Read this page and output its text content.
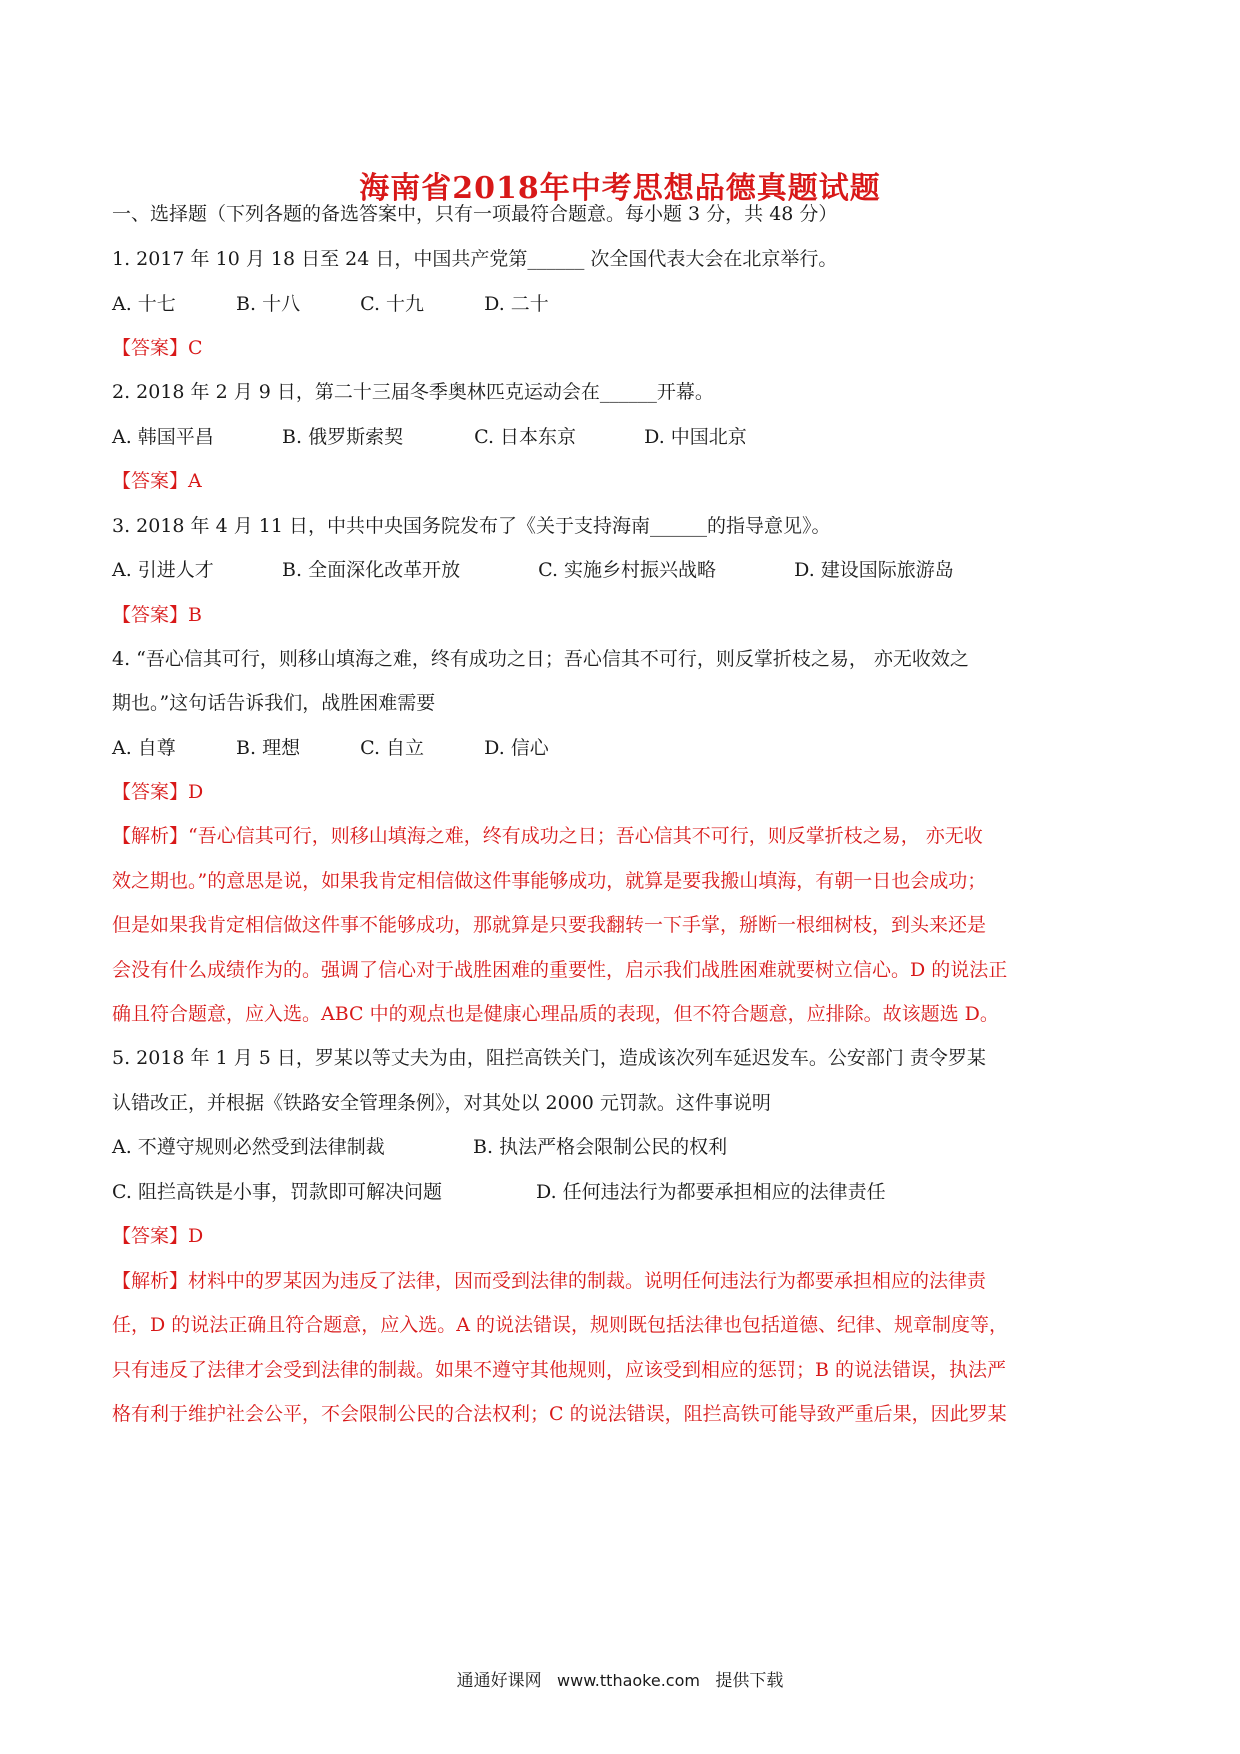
海南省2018年中考思想品德真题试题
一、选择题（下列各题的备选答案中，只有一项最符合题意。每小题 3 分，共 48 分）
1. 2017 年 10 月 18 日至 24 日，中国共产党第______ 次全国代表大会在北京举行。
A. 十七	B. 十八	C. 十九	D. 二十
【答案】C
2. 2018 年 2 月 9 日，第二十三届冬季奥林匹克运动会在______开幕。
A. 韩国平昌	B. 俄罗斯索契	C. 日本东京	D. 中国北京
【答案】A
3. 2018 年 4 月 11 日，中共中央国务院发布了《关于支持海南______的指导意见》。
A. 引进人才	B. 全面深化改革开放	C. 实施乡村振兴战略	D. 建设国际旅游岛
【答案】B
4. “吾心信其可行，则移山填海之难，终有成功之日；吾心信其不可行，则反掌折枝之易， 亦无收效之
期也。”这句话告诉我们，战胜困难需要
A. 自尊	B. 理想	C. 自立	D. 信心
【答案】D
【解析】“吾心信其可行，则移山填海之难，终有成功之日；吾心信其不可行，则反掌折枝之易， 亦无收
效之期也。”的意思是说，如果我肯定相信做这件事能够成功，就算是要我搬山填海，有朝一日也会成功；
但是如果我肯定相信做这件事不能够成功，那就算是只要我翻转一下手掌，掰断一根细树枝，到头来还是
会没有什么成绩作为的。强调了信心对于战胜困难的重要性，启示我们战胜困难就要树立信心。D 的说法正
确且符合题意，应入选。ABC 中的观点也是健康心理品质的表现，但不符合题意，应排除。故该题选 D。
5. 2018 年 1 月 5 日，罗某以等丈夫为由，阻拦高铁关门，造成该次列车延迟发车。公安部门 责令罗某
认错改正，并根据《铁路安全管理条例》，对其处以 2000 元罚款。这件事说明
A. 不遵守规则必然受到法律制裁	B. 执法严格会限制公民的权利
C. 阻拦高铁是小事，罚款即可解决问题	D. 任何违法行为都要承担相应的法律责任
【答案】D
【解析】材料中的罗某因为违反了法律，因而受到法律的制裁。说明任何违法行为都要承担相应的法律责
任，D 的说法正确且符合题意，应入选。A 的说法错误，规则既包括法律也包括道德、纪律、规章制度等，
只有违反了法律才会受到法律的制裁。如果不遵守其他规则，应该受到相应的惩罚；B 的说法错误，执法严
格有利于维护社会公平，不会限制公民的合法权利；C 的说法错误，阻拦高铁可能导致严重后果，因此罗某
通通好课网 www.tthaoke.com 提供下载
